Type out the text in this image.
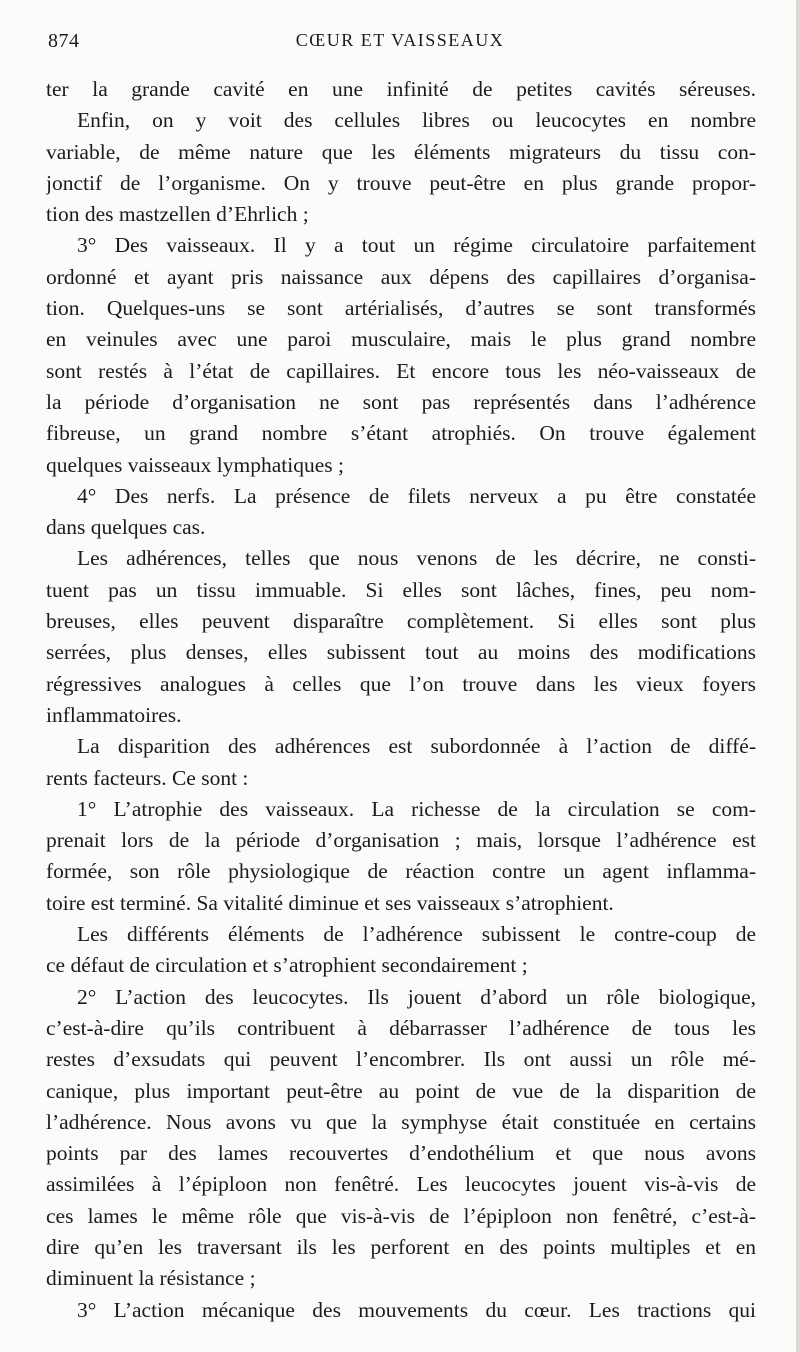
874	CŒUR ET VAISSEAUX
ter la grande cavité en une infinité de petites cavités séreuses.
Enfin, on y voit des cellules libres ou leucocytes en nombre
variable, de même nature que les éléments migrateurs du tissu con-
jonctif de l’organisme. On y trouve peut-être en plus grande propor-
tion des mastzellen d’Ehrlich ;
3° Des vaisseaux. Il y a tout un régime circulatoire parfaitement
ordonné et ayant pris naissance aux dépens des capillaires d’organisa-
tion. Quelques-uns se sont artérialisés, d’autres se sont transformés
en veinules avec une paroi musculaire, mais le plus grand nombre
sont restés à l’état de capillaires. Et encore tous les néo-vaisseaux de
la période d’organisation ne sont pas représentés dans l’adhérence
fibreuse, un grand nombre s’étant atrophiés. On trouve également
quelques vaisseaux lymphatiques ;
4° Des nerfs. La présence de filets nerveux a pu être constatée
dans quelques cas.
Les adhérences, telles que nous venons de les décrire, ne consti-
tuent pas un tissu immuable. Si elles sont lâches, fines, peu nom-
breuses, elles peuvent disparaître complètement. Si elles sont plus
serrées, plus denses, elles subissent tout au moins des modifications
régressives analogues à celles que l’on trouve dans les vieux foyers
inflammatoires.
La disparition des adhérences est subordonnée à l’action de diffé-
rents facteurs. Ce sont :
1° L’atrophie des vaisseaux. La richesse de la circulation se com-
prenait lors de la période d’organisation ; mais, lorsque l’adhérence est
formée, son rôle physiologique de réaction contre un agent inflamma-
toire est terminé. Sa vitalité diminue et ses vaisseaux s’atrophient.
Les différents éléments de l’adhérence subissent le contre-coup de
ce défaut de circulation et s’atrophient secondairement ;
2° L’action des leucocytes. Ils jouent d’abord un rôle biologique,
c’est-à-dire qu’ils contribuent à débarrasser l’adhérence de tous les
restes d’exsudats qui peuvent l’encombrer. Ils ont aussi un rôle mé-
canique, plus important peut-être au point de vue de la disparition de
l’adhérence. Nous avons vu que la symphyse était constituée en certains
points par des lames recouvertes d’endothélium et que nous avons
assimilées à l’épiploon non fenêtré. Les leucocytes jouent vis-à-vis de
ces lames le même rôle que vis-à-vis de l’épiploon non fenêtré, c’est-à-
dire qu’en les traversant ils les perforent en des points multiples et en
diminuent la résistance ;
3° L’action mécanique des mouvements du cœur. Les tractions qui
